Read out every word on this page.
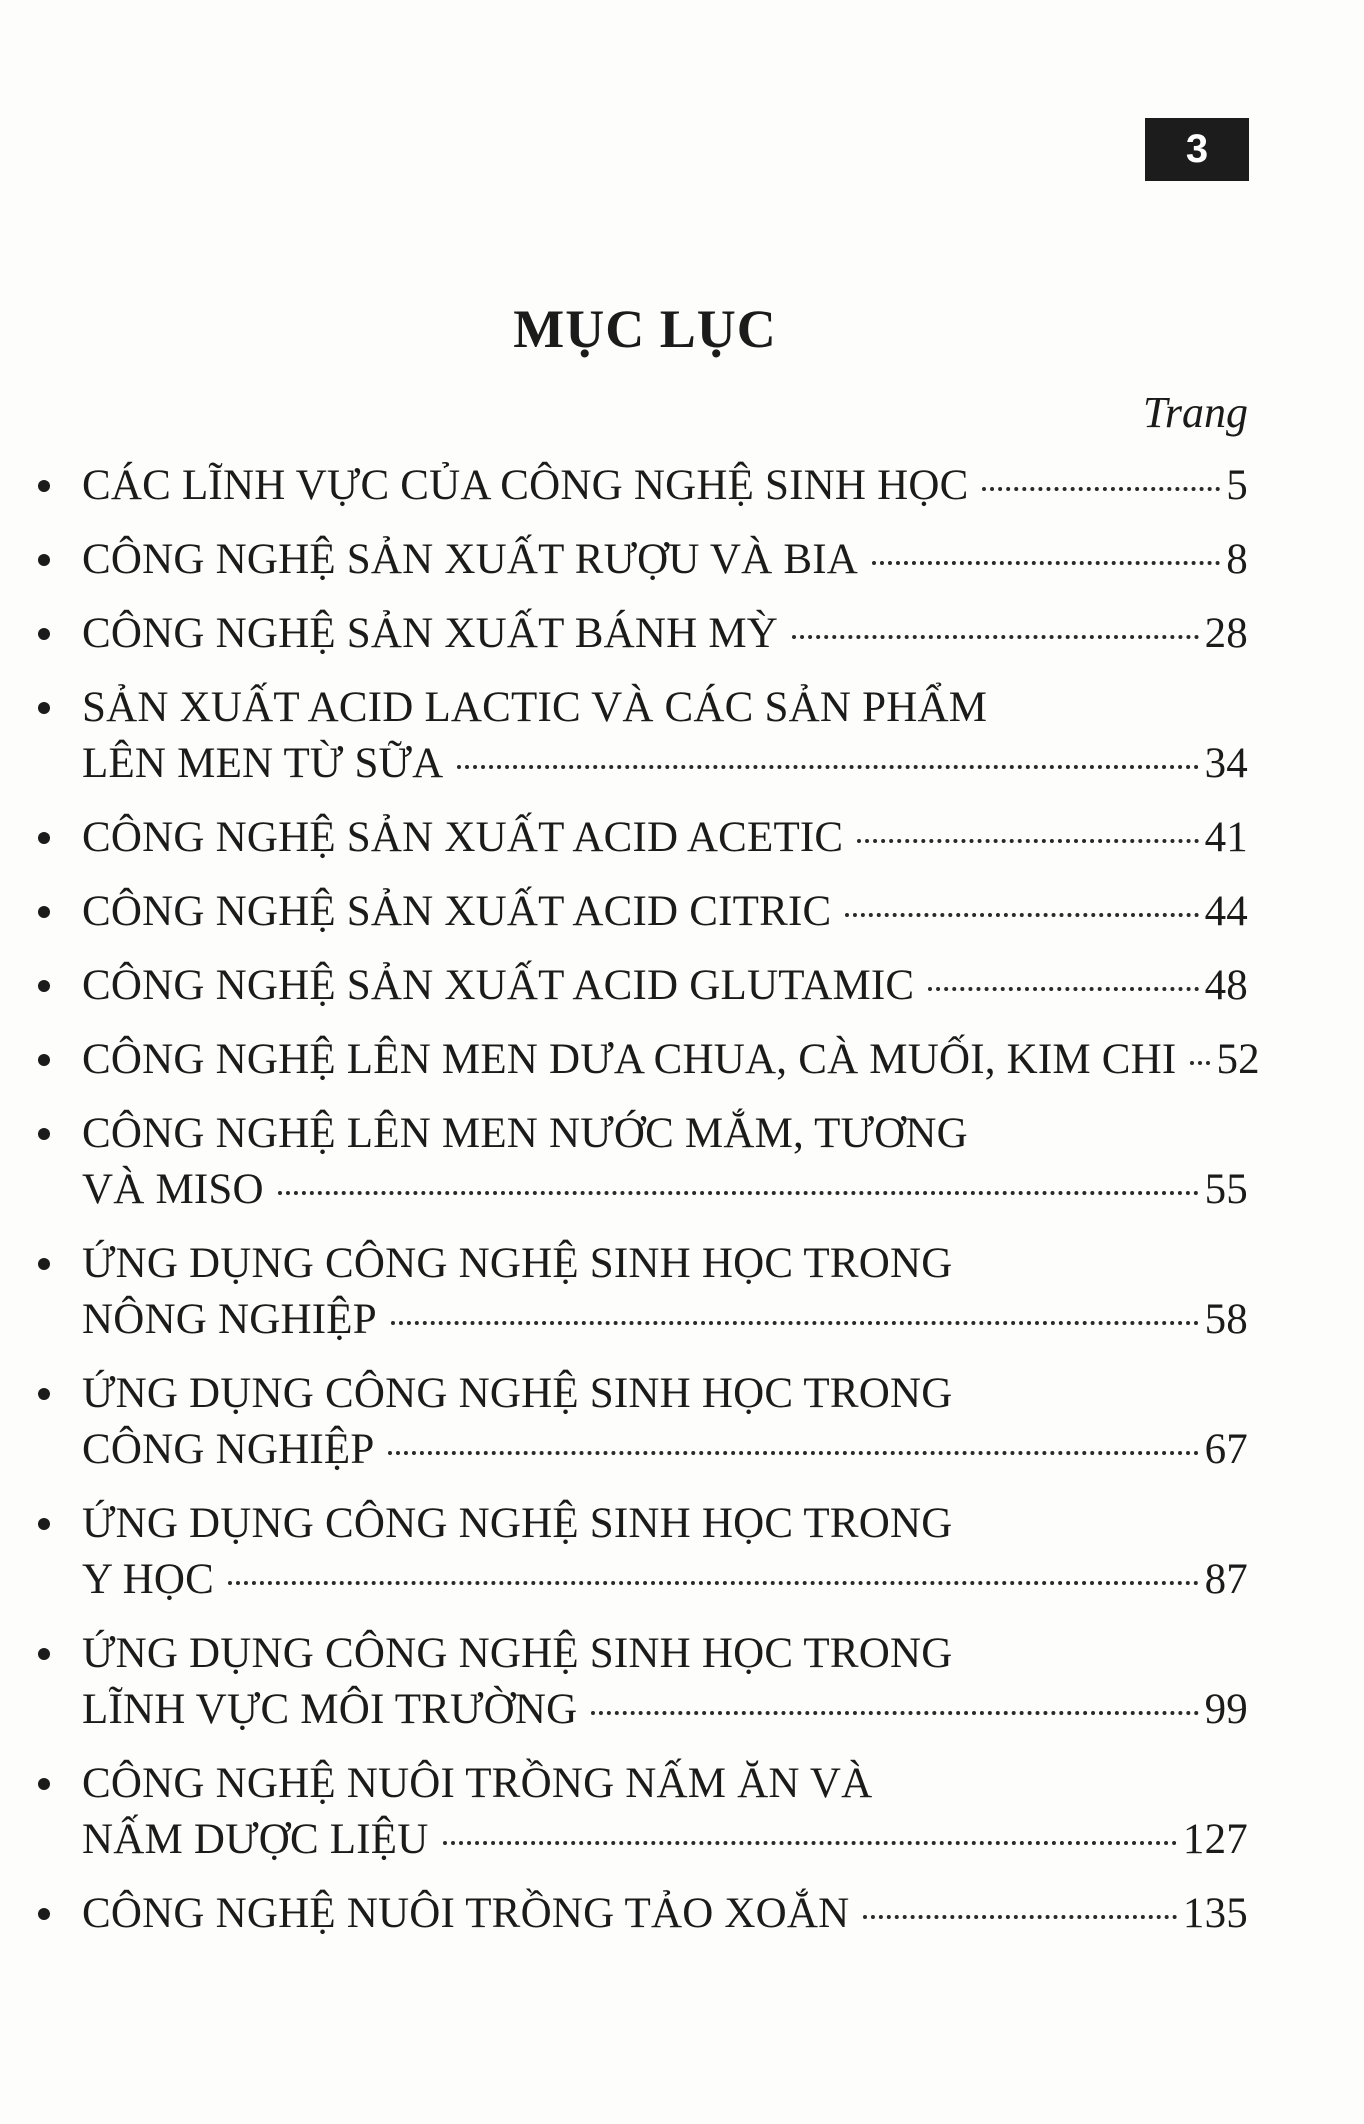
3
MỤC LỤC
Trang
CÁC LĨNH VỰC CỦA CÔNG NGHỆ SINH HỌC	5
CÔNG NGHỆ SẢN XUẤT RƯỢU VÀ BIA	8
CÔNG NGHỆ SẢN XUẤT BÁNH MỲ	28
SẢN XUẤT ACID LACTIC VÀ CÁC SẢN PHẨM
LÊN MEN TỪ SỮA	34
CÔNG NGHỆ SẢN XUẤT ACID ACETIC	41
CÔNG NGHỆ SẢN XUẤT ACID CITRIC	44
CÔNG NGHỆ SẢN XUẤT ACID GLUTAMIC	48
CÔNG NGHỆ LÊN MEN DƯA CHUA, CÀ MUỐI, KIM CHI 52
CÔNG NGHỆ LÊN MEN NƯỚC MẮM, TƯƠNG
VÀ MISO	55
ỨNG DỤNG CÔNG NGHỆ SINH HỌC TRONG
NÔNG NGHIỆP	58
ỨNG DỤNG CÔNG NGHỆ SINH HỌC TRONG
CÔNG NGHIỆP	67
ỨNG DỤNG CÔNG NGHỆ SINH HỌC TRONG
Y HỌC	87
ỨNG DỤNG CÔNG NGHỆ SINH HỌC TRONG
LĨNH VỰC MÔI TRƯỜNG	99
CÔNG NGHỆ NUÔI TRỒNG NẤM ĂN VÀ
NẤM DƯỢC LIỆU	127
CÔNG NGHỆ NUÔI TRỒNG TẢO XOẮN	135
